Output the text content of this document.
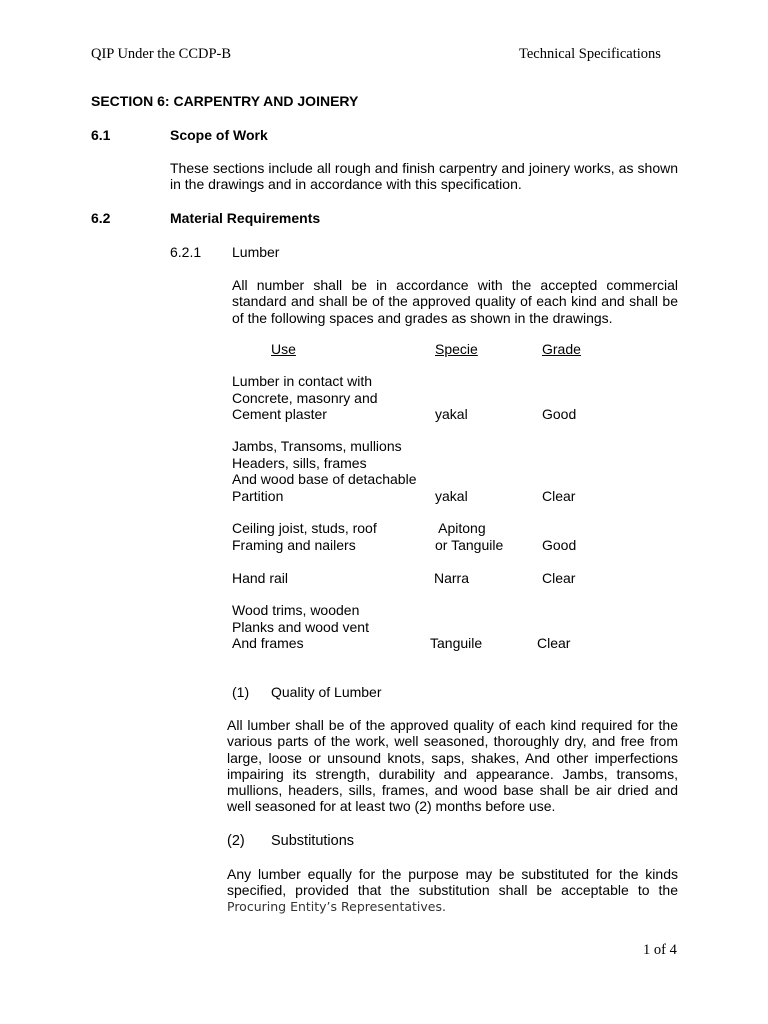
QIP Under the CCDP-B	Technical Specifications
SECTION 6: CARPENTRY AND JOINERY
6.1	Scope of Work
These sections include all rough and finish carpentry and joinery works, as shown in the drawings and in accordance with this specification.
6.2	Material Requirements
6.2.1 Lumber
All number shall be in accordance with the accepted commercial standard and shall be of the approved quality of each kind and shall be of the following spaces and grades as shown in the drawings.
Use	Specie	Grade
Lumber in contact with
Concrete, masonry and
Cement plaster	yakal	Good
Jambs, Transoms, mullions
Headers, sills, frames
And wood base of detachable
Partition	yakal	Clear
Ceiling joist, studs, roof
Framing and nailers
Apitong
or Tanguile	Good
Hand rail	Narra	Clear
Wood trims, wooden
Planks and wood vent
And frames	Tanguile	Clear
(1) Quality of Lumber
All lumber shall be of the approved quality of each kind required for the various parts of the work, well seasoned, thoroughly dry, and free from large, loose or unsound knots, saps, shakes, And other imperfections impairing its strength, durability and appearance. Jambs, transoms, mullions, headers, sills, frames, and wood base shall be air dried and well seasoned for at least two (2) months before use.
(2) Substitutions
Any lumber equally for the purpose may be substituted for the kinds specified, provided that the substitution shall be acceptable to the
Procuring Entity’s Representatives.
1 of 4
